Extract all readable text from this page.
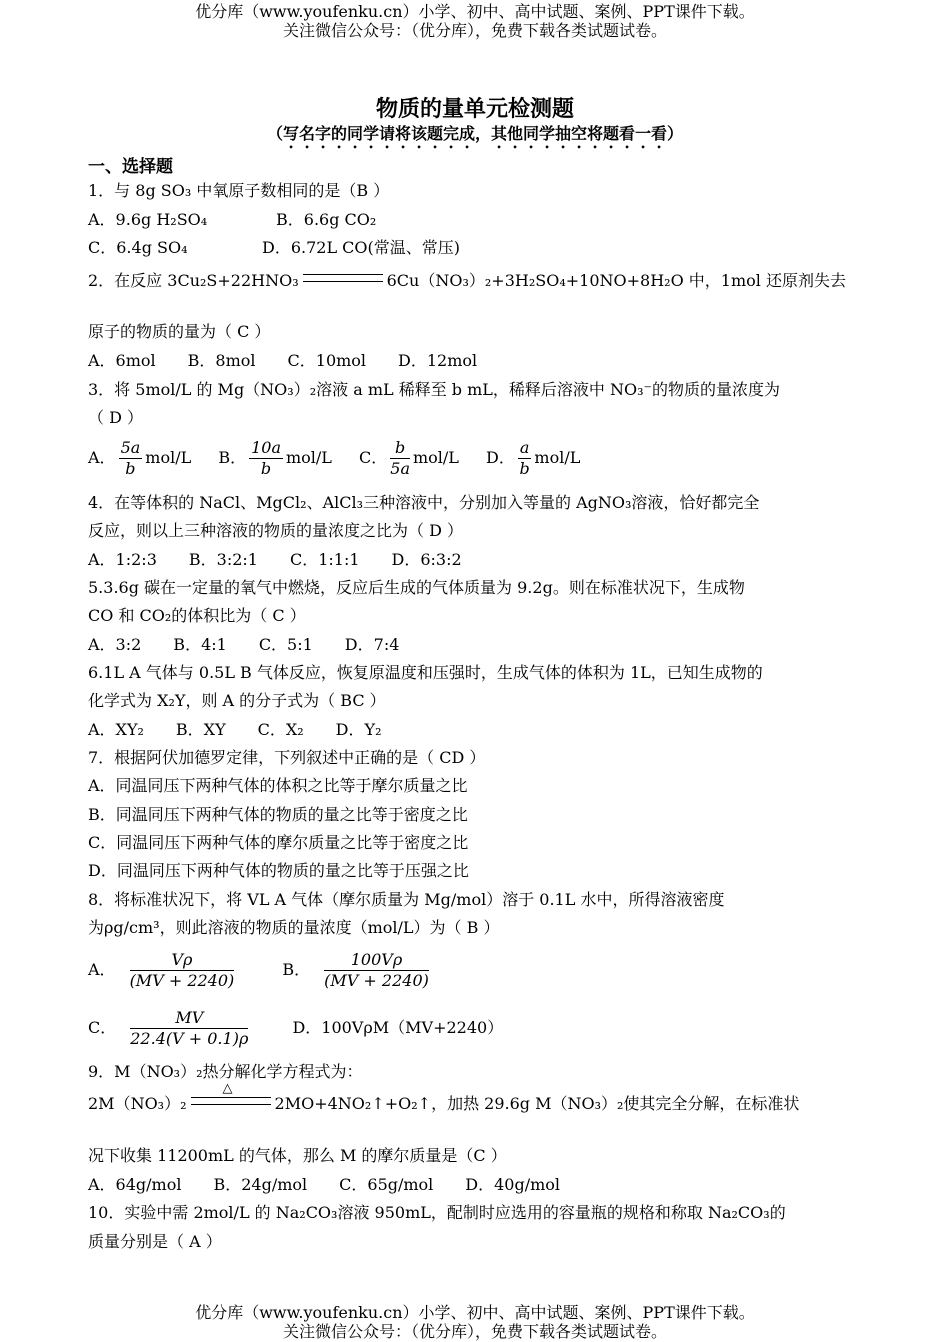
优分库（www.youfenku.cn）小学、初中、高中试题、案例、PPT课件下载。
关注微信公众号：（优分库），免费下载各类试题试卷。
物质的量单元检测题
（写名字的同学请将该题完成，其他同学抽空将题看一看）
一、选择题
1．与 8g SO₃ 中氧原子数相同的是（B ）
A．9.6g H₂SO₄	B．6.6g CO₂
C．6.4g SO₄	D．6.72L CO(常温、常压)
2．在反应 3Cu₂S+22HNO₃	6Cu（NO₃）₂+3H₂SO₄+10NO+8H₂O 中，1mol 还原剂失去
原子的物质的量为（ C ）
A．6mol　　B．8mol　　C．10mol　　D．12mol
3．将 5mol/L 的 Mg（NO₃）₂溶液 a mL 稀释至 b mL，稀释后溶液中 NO₃⁻的物质的量浓度为
（ D ）
A． $\frac{5a}{b} mol/L$ B． $\frac{10a}{b} mol/L$ C． $\frac{b}{5a} mol/L$ D． $\frac{a}{b} mol/L$
4．在等体积的 NaCl、MgCl₂、AlCl₃三种溶液中，分别加入等量的 AgNO₃溶液，恰好都完全
反应，则以上三种溶液的物质的量浓度之比为（ D ）
A．1:2:3　　B．3:2:1　　C．1:1:1　　D．6:3:2
5.3.6g 碳在一定量的氧气中燃烧，反应后生成的气体质量为 9.2g。则在标准状况下，生成物
CO 和 CO₂的体积比为（ C ）
A．3:2　　B．4:1　　C．5:1　　D．7:4
6.1L A 气体与 0.5L B 气体反应，恢复原温度和压强时，生成气体的体积为 1L，已知生成物的
化学式为 X₂Y，则 A 的分子式为（ BC ）
A．XY₂　　B．XY　　C．X₂　　D．Y₂
7．根据阿伏加德罗定律，下列叙述中正确的是（ CD ）
A．同温同压下两种气体的体积之比等于摩尔质量之比
B．同温同压下两种气体的物质的量之比等于密度之比
C．同温同压下两种气体的摩尔质量之比等于密度之比
D．同温同压下两种气体的物质的量之比等于压强之比
8．将标准状况下，将 VL A 气体（摩尔质量为 Mg/mol）溶于 0.1L 水中，所得溶液密度
为ρg/cm³，则此溶液的物质的量浓度（mol/L）为（ B ）
A． $\frac{V\rho}{(MV + 2240)}$	B． $\frac{100V\rho}{(MV + 2240)}$
C． $\frac{MV}{22.4(V + 0.1)\rho}$	D．100VρM（MV+2240）
9．M（NO₃）₂热分解化学方程式为：
2M（NO₃）₂
△
2MO+4NO₂↑+O₂↑，加热 29.6g M（NO₃）₂使其完全分解，在标准状
况下收集 11200mL 的气体，那么 M 的摩尔质量是（C ）
A．64g/mol　　B．24g/mol　　C．65g/mol　　D．40g/mol
10．实验中需 2mol/L 的 Na₂CO₃溶液 950mL，配制时应选用的容量瓶的规格和称取 Na₂CO₃的
质量分别是（ A ）
优分库（www.youfenku.cn）小学、初中、高中试题、案例、PPT课件下载。
关注微信公众号：（优分库），免费下载各类试题试卷。
